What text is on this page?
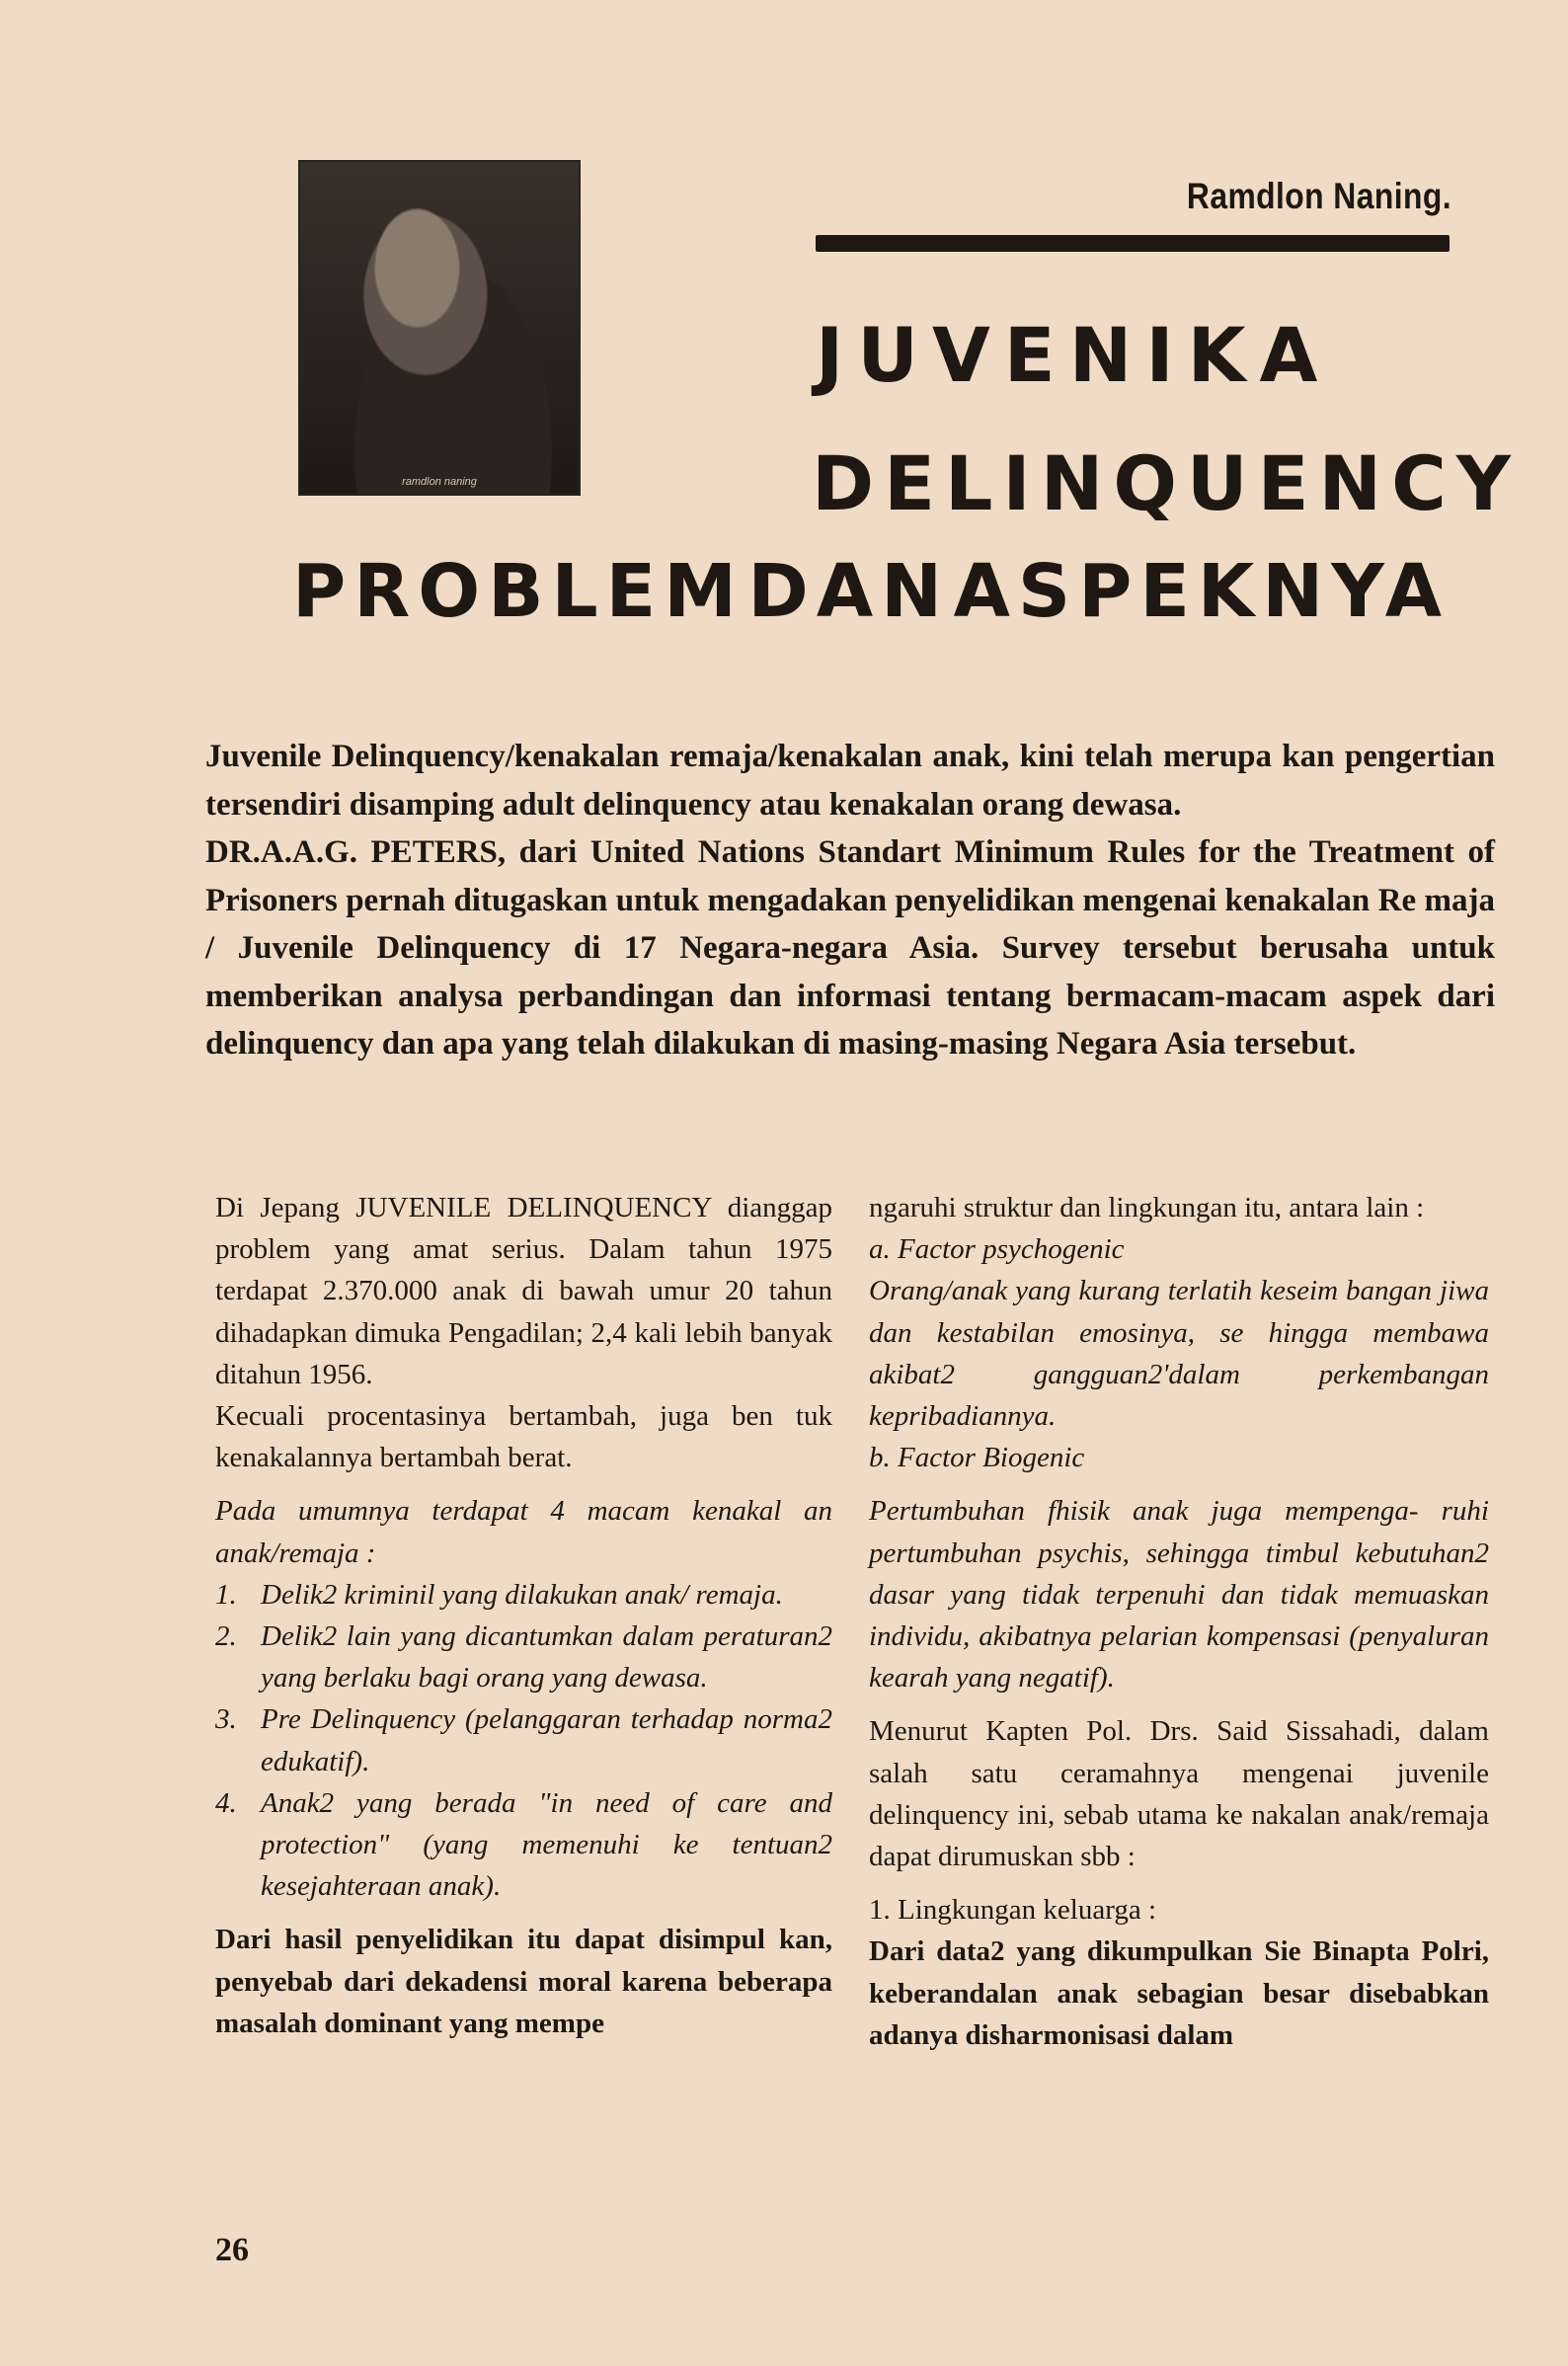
ramdlon naning
Ramdlon Naning.
JUVENIKA
DELINQUENCY
PROBLEM DAN ASPEKNYA

Juvenile Delinquency/kenakalan remaja/kenakalan anak, kini telah merupa kan pengertian tersendiri disamping adult delinquency atau kenakalan orang dewasa.

DR.A.A.G. PETERS, dari United Nations Standart Minimum Rules for the Treatment of Prisoners pernah ditugaskan untuk mengadakan penyelidikan mengenai kenakalan Re maja / Juvenile Delinquency di 17 Negara-negara Asia. Survey tersebut berusaha untuk memberikan analysa perbandingan dan informasi tentang bermacam-macam aspek dari delinquency dan apa yang telah dilakukan di masing-masing Negara Asia tersebut.

Di Jepang JUVENILE DELINQUENCY dianggap problem yang amat serius. Dalam tahun 1975 terdapat 2.370.000 anak di bawah umur 20 tahun dihadapkan dimuka Pengadilan; 2,4 kali lebih banyak ditahun 1956.

Kecuali procentasinya bertambah, juga ben tuk kenakalannya bertambah berat.

Pada umumnya terdapat 4 macam kenakal an anak/remaja :

1. Delik2 kriminil yang dilakukan anak/ remaja.
2. Delik2 lain yang dicantumkan dalam peraturan2 yang berlaku bagi orang yang dewasa.
3. Pre Delinquency (pelanggaran terhadap norma2 edukatif).
4. Anak2 yang berada "in need of care and protection" (yang memenuhi ke tentuan2 kesejahteraan anak).

Dari hasil penyelidikan itu dapat disimpul kan, penyebab dari dekadensi moral karena beberapa masalah dominant yang mempe

ngaruhi struktur dan lingkungan itu, antara lain :

a. Factor psychogenic

Orang/anak yang kurang terlatih keseim bangan jiwa dan kestabilan emosinya, se hingga membawa akibat2 gangguan2'dalam perkembangan kepribadiannya.

b. Factor Biogenic

Pertumbuhan fhisik anak juga mempenga- ruhi pertumbuhan psychis, sehingga timbul kebutuhan2 dasar yang tidak terpenuhi dan tidak memuaskan individu, akibatnya pelarian kompensasi (penyaluran kearah yang negatif).

Menurut Kapten Pol. Drs. Said Sissahadi, dalam salah satu ceramahnya mengenai juvenile delinquency ini, sebab utama ke nakalan anak/remaja dapat dirumuskan sbb :

1. Lingkungan keluarga :

Dari data2 yang dikumpulkan Sie Binapta Polri, keberandalan anak sebagian besar disebabkan adanya disharmonisasi dalam

26
